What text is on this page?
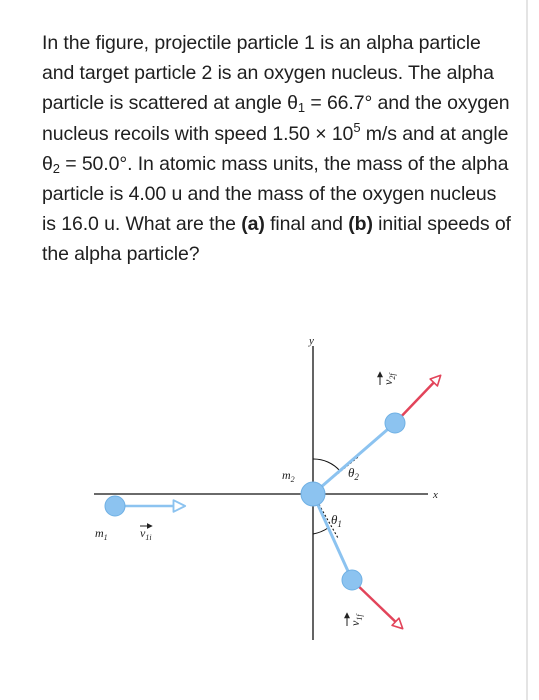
In the figure, projectile particle 1 is an alpha particle and target particle 2 is an oxygen nucleus. The alpha particle is scattered at angle $\theta_1 = 66.7^\circ$ and the oxygen nucleus recoils with speed $1.50 \times 10^5$ m/s and at angle $\theta_2 = 50.0^\circ$. In atomic mass units, the mass of the alpha particle is 4.00 u and the mass of the oxygen nucleus is 16.0 u. What are the (a) final and (b) initial speeds of the alpha particle?

y
x
$m_2$
$m_1$	$v_{1i}$
$\theta_2$
$\theta_1$
$v_{2f}$
$v_{1f}$
